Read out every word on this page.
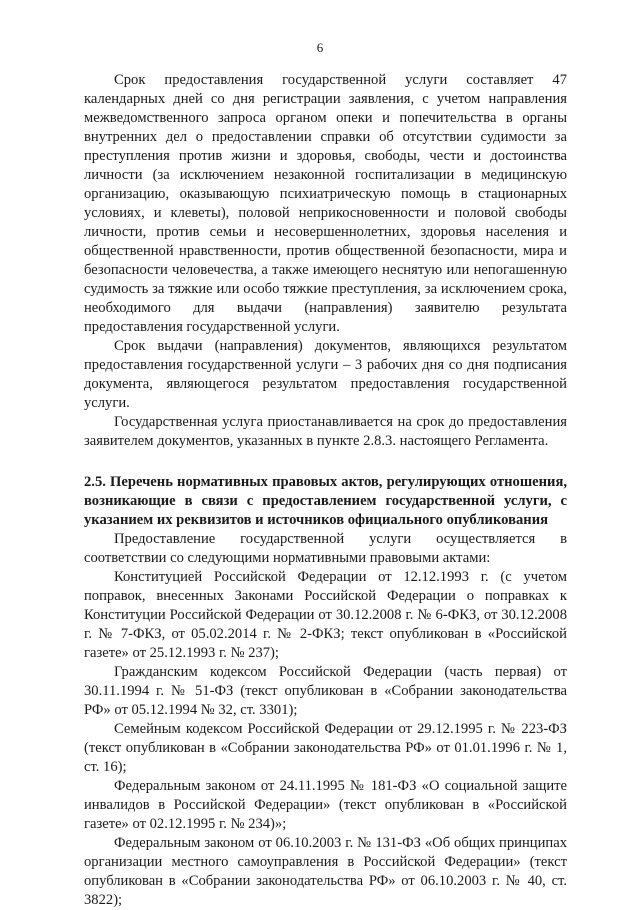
6

Срок предоставления государственной услуги составляет 47 календарных дней со дня регистрации заявления, с учетом направления межведомственного запроса органом опеки и попечительства в органы внутренних дел о предоставлении справки об отсутствии судимости за преступления против жизни и здоровья, свободы, чести и достоинства личности (за исключением незаконной госпитализации в медицинскую организацию, оказывающую психиатрическую помощь в стационарных условиях, и клеветы), половой неприкосновенности и половой свободы личности, против семьи и несовершеннолетних, здоровья населения и общественной нравственности, против общественной безопасности, мира и безопасности человечества, а также имеющего неснятую или непогашенную судимость за тяжкие или особо тяжкие преступления, за исключением срока, необходимого для выдачи (направления) заявителю результата предоставления государственной услуги.

Срок выдачи (направления) документов, являющихся результатом предоставления государственной услуги – 3 рабочих дня со дня подписания документа, являющегося результатом предоставления государственной услуги.

Государственная услуга приостанавливается на срок до предоставления заявителем документов, указанных в пункте 2.8.3. настоящего Регламента.

2.5. Перечень нормативных правовых актов, регулирующих отношения, возникающие в связи с предоставлением государственной услуги, с указанием их реквизитов и источников официального опубликования

Предоставление государственной услуги осуществляется в соответствии со следующими нормативными правовыми актами:

Конституцией Российской Федерации от 12.12.1993 г. (с учетом поправок, внесенных Законами Российской Федерации о поправках к Конституции Российской Федерации от 30.12.2008 г. № 6-ФКЗ, от 30.12.2008 г. № 7-ФКЗ, от 05.02.2014 г. № 2-ФКЗ; текст опубликован в «Российской газете» от 25.12.1993 г. № 237);

Гражданским кодексом Российской Федерации (часть первая) от 30.11.1994 г. № 51-ФЗ (текст опубликован в «Собрании законодательства РФ» от 05.12.1994 № 32, ст. 3301);

Семейным кодексом Российской Федерации от 29.12.1995 г. № 223-ФЗ (текст опубликован в «Собрании законодательства РФ» от 01.01.1996 г. № 1, ст. 16);

Федеральным законом от 24.11.1995 № 181-ФЗ «О социальной защите инвалидов в Российской Федерации» (текст опубликован в «Российской газете» от 02.12.1995 г. № 234)»;

Федеральным законом от 06.10.2003 г. № 131-ФЗ «Об общих принципах организации местного самоуправления в Российской Федерации» (текст опубликован в «Собрании законодательства РФ» от 06.10.2003 г. № 40, ст. 3822);
